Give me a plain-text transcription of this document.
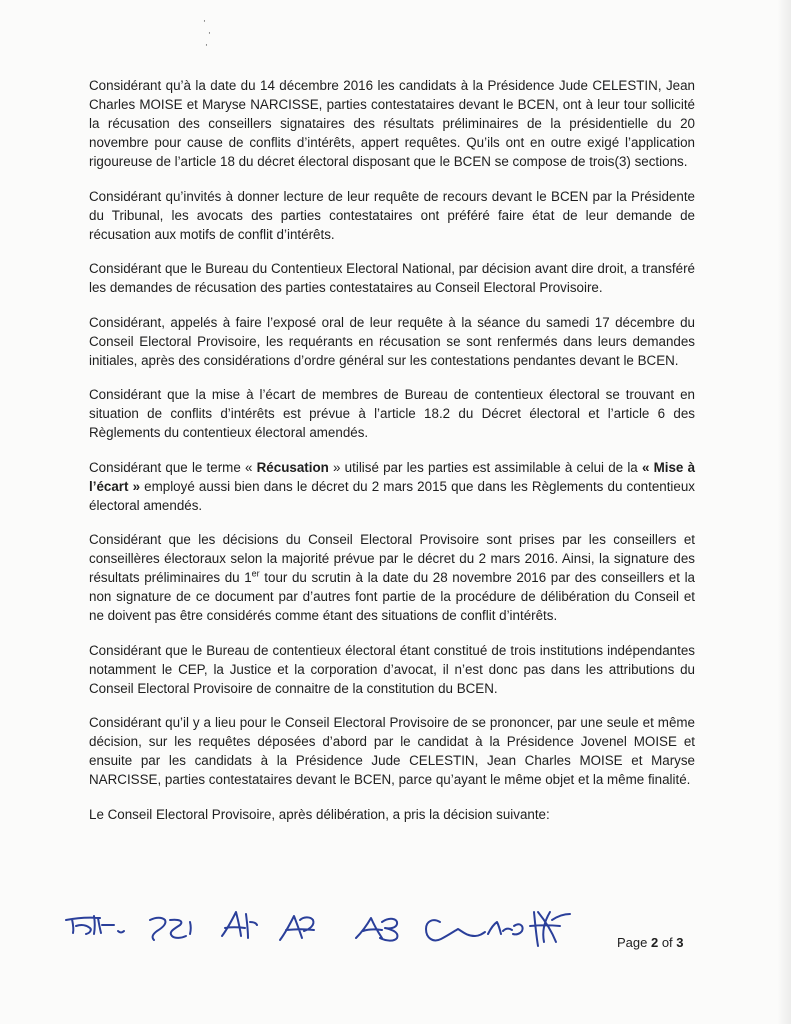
·
·
·

Considérant qu’à la date du 14 décembre 2016 les candidats à la Présidence Jude CELESTIN, Jean Charles MOISE et Maryse NARCISSE, parties contestataires devant le BCEN, ont à leur tour sollicité la récusation des conseillers signataires des résultats préliminaires de la présidentielle du 20 novembre pour cause de conflits d’intérêts, appert requêtes. Qu’ils ont en outre exigé l’application rigoureuse de l’article 18 du décret électoral disposant que le BCEN se compose de trois(3) sections.

Considérant qu’invités à donner lecture de leur requête de recours devant le BCEN par la Présidente du Tribunal, les avocats des parties contestataires ont préféré faire état de leur demande de récusation aux motifs de conflit d’intérêts.

Considérant que le Bureau du Contentieux Electoral National, par décision avant dire droit, a transféré les demandes de récusation des parties contestataires au Conseil Electoral Provisoire.

Considérant, appelés à faire l’exposé oral de leur requête à la séance du samedi 17 décembre du Conseil Electoral Provisoire, les requérants en récusation se sont renfermés dans leurs demandes initiales, après des considérations d’ordre général sur les contestations pendantes devant le BCEN.

Considérant que la mise à l’écart de membres de Bureau de contentieux électoral se trouvant en situation de conflits d’intérêts est prévue à l’article 18.2 du Décret électoral et l’article 6 des Règlements du contentieux électoral amendés.

Considérant que le terme « Récusation » utilisé par les parties est assimilable à celui de la « Mise à l’écart » employé aussi bien dans le décret du 2 mars 2015 que dans les Règlements du contentieux électoral amendés.

Considérant que les décisions du Conseil Electoral Provisoire sont prises par les conseillers et conseillères électoraux selon la majorité prévue par le décret du 2 mars 2016. Ainsi, la signature des résultats préliminaires du 1er tour du scrutin à la date du 28 novembre 2016 par des conseillers et la non signature de ce document par d’autres font partie de la procédure de délibération du Conseil et ne doivent pas être considérés comme étant des situations de conflit d’intérêts.

Considérant que le Bureau de contentieux électoral étant constitué de trois institutions indépendantes notamment le CEP, la Justice et la corporation d’avocat, il n’est donc pas dans les attributions du Conseil Electoral Provisoire de connaitre de la constitution du BCEN.

Considérant qu’il y a lieu pour le Conseil Electoral Provisoire de se prononcer, par une seule et même décision, sur les requêtes déposées d’abord par le candidat à la Présidence Jovenel MOISE et ensuite par les candidats à la Présidence Jude CELESTIN, Jean Charles MOISE et Maryse NARCISSE, parties contestataires devant le BCEN, parce qu’ayant le même objet et la même finalité.

Le Conseil Electoral Provisoire, après délibération, a pris la décision suivante:

Page 2 of 3
